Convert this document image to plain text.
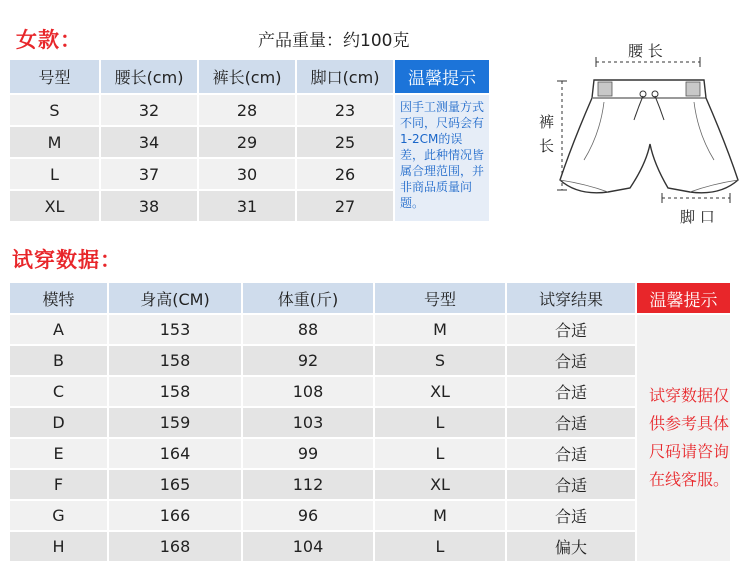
女款：	产品重量：约100克
号型	腰长(cm)	裤长(cm)	脚口(cm)	温馨提示
S	32	28	23	因手工测量方式不同，尺码会有1-2CM的误差，此种情况皆属合理范围，并非商品质量问题。
M	34	29	25	
L	37	30	26	
XL	38	31	27	
腰 长
裤 长
脚 口
试穿数据：
模特	身高(CM)	体重(斤)	号型	试穿结果	温馨提示
A	153	88	M	合适	试穿数据仅供参考具体尺码请咨询在线客服。
B	158	92	S	合适	
C	158	108	XL	合适	
D	159	103	L	合适	
E	164	99	L	合适	
F	165	112	XL	合适	
G	166	96	M	合适	
H	168	104	L	偏大	
